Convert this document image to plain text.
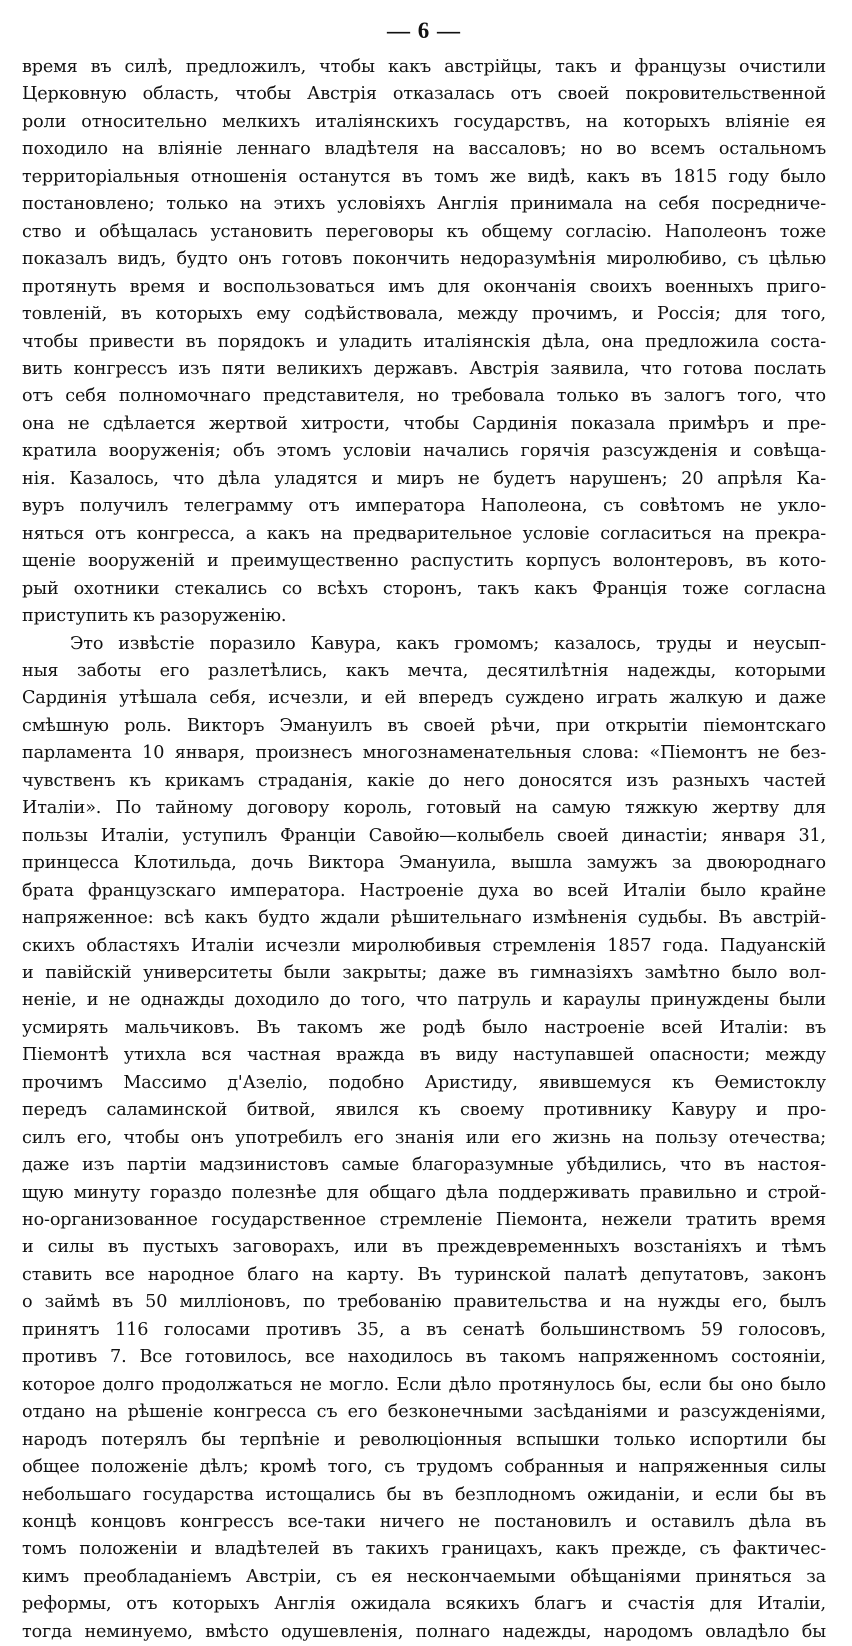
— 6 —
время въ силѣ, предложилъ, чтобы какъ австрійцы, такъ и французы очистили
Церковную область, чтобы Австрія отказалась отъ своей покровительственной
роли относительно мелкихъ италіянскихъ государствъ, на которыхъ вліяніе ея
походило на вліяніе леннаго владѣтеля на вассаловъ; но во всемъ остальномъ
территоріальныя отношенія останутся въ томъ же видѣ, какъ въ 1815 году было
постановлено; только на этихъ условіяхъ Англія принимала на себя посредниче-
ство и обѣщалась установить переговоры къ общему согласію. Наполеонъ тоже
показалъ видъ, будто онъ готовъ покончить недоразумѣнія миролюбиво, съ цѣлью
протянуть время и воспользоваться имъ для окончанія своихъ военныхъ приго-
товленій, въ которыхъ ему содѣйствовала, между прочимъ, и Россія; для того,
чтобы привести въ порядокъ и уладить италіянскія дѣла, она предложила соста-
вить конгрессъ изъ пяти великихъ державъ. Австрія заявила, что готова послать
отъ себя полномочнаго представителя, но требовала только въ залогъ того, что
она не сдѣлается жертвой хитрости, чтобы Сардинія показала примѣръ и пре-
кратила вооруженія; объ этомъ условіи начались горячія разсужденія и совѣща-
нія. Казалось, что дѣла уладятся и миръ не будетъ нарушенъ; 20 апрѣля Ка-
вуръ получилъ телеграмму отъ императора Наполеона, съ совѣтомъ не уклo-
няться отъ конгресса, а какъ на предварительное условіе согласиться на прекра-
щеніе вооруженій и преимущественно распустить корпусъ волонтеровъ, въ кото-
рый охотники стекались со всѣхъ сторонъ, такъ какъ Франція тоже согласна
приступить къ разоруженію.
Это извѣстіе поразило Кавура, какъ громомъ; казалось, труды и неусып-
ныя заботы его разлетѣлись, какъ мечта, десятилѣтнія надежды, которыми
Сардинія утѣшала себя, исчезли, и ей впередъ суждено играть жалкую и даже
смѣшную роль. Викторъ Эмануилъ въ своей рѣчи, при открытіи піемонтскаго
парламента 10 января, произнесъ многознаменательныя слова: «Піемонтъ не без-
чувственъ къ крикамъ страданія, какіе до него доносятся изъ разныхъ частей
Италіи». По тайному договору король, готовый на самую тяжкую жертву для
пользы Италіи, уступилъ Франціи Савойю—колыбель своей династіи; января 31,
принцесса Клотильда, дочь Виктора Эмануила, вышла замужъ за двоюроднаго
брата французскаго императора. Настроеніе духа во всей Италіи было крайне
напряженное: всѣ какъ будто ждали рѣшительнаго измѣненія судьбы. Въ австрій-
скихъ областяхъ Италіи исчезли миролюбивыя стремленія 1857 года. Падуанскій
и павійскій университеты были закрыты; даже въ гимназіяхъ замѣтно было вол-
неніе, и не однажды доходило до того, что патруль и караулы принуждены были
усмирять мальчиковъ. Въ такомъ же родѣ было настроеніе всей Италіи: въ
Піемонтѣ утихла вся частная вражда въ виду наступавшей опасности; между
прочимъ Массимо д'Азеліо, подобно Аристиду, явившемуся къ Ѳемистоклу
передъ саламинской битвой, явился къ своему противнику Кавуру и про-
силъ его, чтобы онъ употребилъ его знанія или его жизнь на пользу отечества;
даже изъ партіи мадзинистовъ самые благоразумные убѣдились, что въ настоя-
щую минуту гораздо полезнѣе для общаго дѣла поддерживать правильно и строй-
но-организованное государственное стремленіе Піемонта, нежели тратить время
и силы въ пустыхъ заговорахъ, или въ преждевременныхъ возстаніяхъ и тѣмъ
ставить все народное благо на карту. Въ туринской палатѣ депутатовъ, законъ
о займѣ въ 50 милліоновъ, по требованію правительства и на нужды его, былъ
принятъ 116 голосами противъ 35, а въ сенатѣ большинствомъ 59 голосовъ,
противъ 7. Все готовилось, все находилось въ такомъ напряженномъ состояніи,
которое долго продолжаться не могло. Если дѣло протянулось бы, если бы оно было
отдано на рѣшеніе конгресса съ его безконечными засѣданіями и разсужденіями,
народъ потерялъ бы терпѣніе и революціонныя вспышки только испортили бы
общее положеніе дѣлъ; кромѣ того, съ трудомъ собранныя и напряженныя силы
небольшаго государства истощались бы въ безплодномъ ожиданіи, и если бы въ
концѣ концовъ конгрессъ все-таки ничего не постановилъ и оставилъ дѣла въ
томъ положеніи и владѣтелей въ такихъ границахъ, какъ прежде, съ фактичес-
кимъ преобладаніемъ Австріи, съ ея нескончаемыми обѣщаніями приняться за
реформы, отъ которыхъ Англія ожидала всякихъ благъ и счастія для Италіи,
тогда неминуемо, вмѣсто одушевленія, полнаго надежды, народомъ овладѣло бы
